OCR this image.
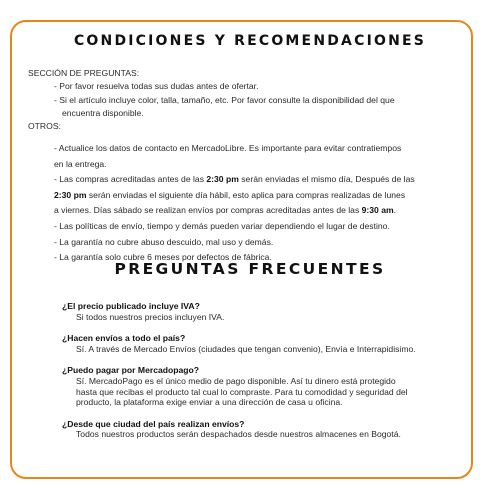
CONDICIONES Y RECOMENDACIONES

SECCIÓN DE PREGUNTAS:

- Por favor resuelva todas sus dudas antes de ofertar.

- Si el artículo incluye color, talla, tamaño, etc. Por favor consulte la disponibilidad del que

encuentra disponible.

OTROS:

- Actualice los datos de contacto en MercadoLibre. Es importante para evitar contratiempos

en la entrega.

- Las compras acreditadas antes de las 2:30 pm serán enviadas el mismo día, Después de las

2:30 pm serán enviadas el siguiente día hábil, esto aplica para compras realizadas de lunes

a viernes. Días sábado se realizan envíos por compras acreditadas antes de las 9:30 am.

- Las políticas de envío, tiempo y demás pueden variar dependiendo el lugar de destino.

- La garantía no cubre abuso descuido, mal uso y demás.

- La garantía solo cubre 6 meses por defectos de fábrica.

PREGUNTAS FRECUENTES

¿El precio publicado incluye IVA?

Si todos nuestros precios incluyen IVA.

¿Hacen envíos a todo el país?

Sí. A través de Mercado Envíos (ciudades que tengan convenio), Envía e Interrapidisimo.

¿Puedo pagar por Mercadopago?

Sí. MercadoPago es el único medio de pago disponible. Así tu dinero está protegido
hasta que recibas el producto tal cual lo compraste. Para tu comodidad y seguridad del
producto, la plataforma exige enviar a una dirección de casa u oficina.

¿Desde que ciudad del país realizan envíos?

Todos nuestros productos serán despachados desde nuestros almacenes en Bogotá.
